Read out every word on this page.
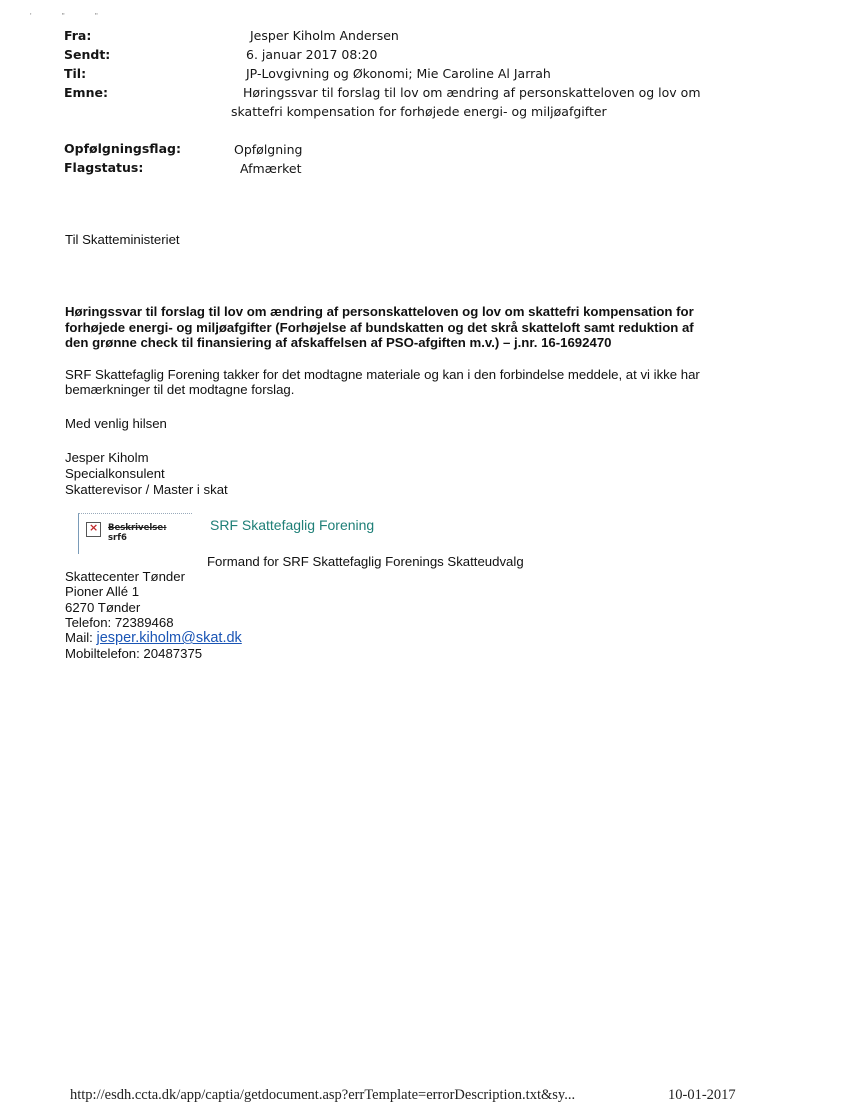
' " "
Fra:	Jesper Kiholm Andersen
Sendt:	6. januar 2017 08:20
Til:	JP-Lovgivning og Økonomi; Mie Caroline Al Jarrah
Emne:	Høringssvar til forslag til lov om ændring af personskatteloven og lov om
skattefri kompensation for forhøjede energi- og miljøafgifter
Opfølgningsflag:	Opfølgning
Flagstatus:	Afmærket
Til Skatteministeriet
Høringssvar til forslag til lov om ændring af personskatteloven og lov om skattefri kompensation for
forhøjede energi- og miljøafgifter (Forhøjelse af bundskatten og det skrå skatteloft samt reduktion af
den grønne check til finansiering af afskaffelsen af PSO-afgiften m.v.) – j.nr. 16-1692470
SRF Skattefaglig Forening takker for det modtagne materiale og kan i den forbindelse meddele, at vi ikke har
bemærkninger til det modtagne forslag.
Med venlig hilsen
Jesper Kiholm
Specialkonsulent
Skatterevisor / Master i skat
× Beskrivelse:
srf6
SRF Skattefaglig Forening
Formand for SRF Skattefaglig Forenings Skatteudvalg
Skattecenter Tønder
Pioner Allé 1
6270 Tønder
Telefon: 72389468
Mail: jesper.kiholm@skat.dk
Mobiltelefon: 20487375
http://esdh.ccta.dk/app/captia/getdocument.asp?errTemplate=errorDescription.txt&sy...	10-01-2017
